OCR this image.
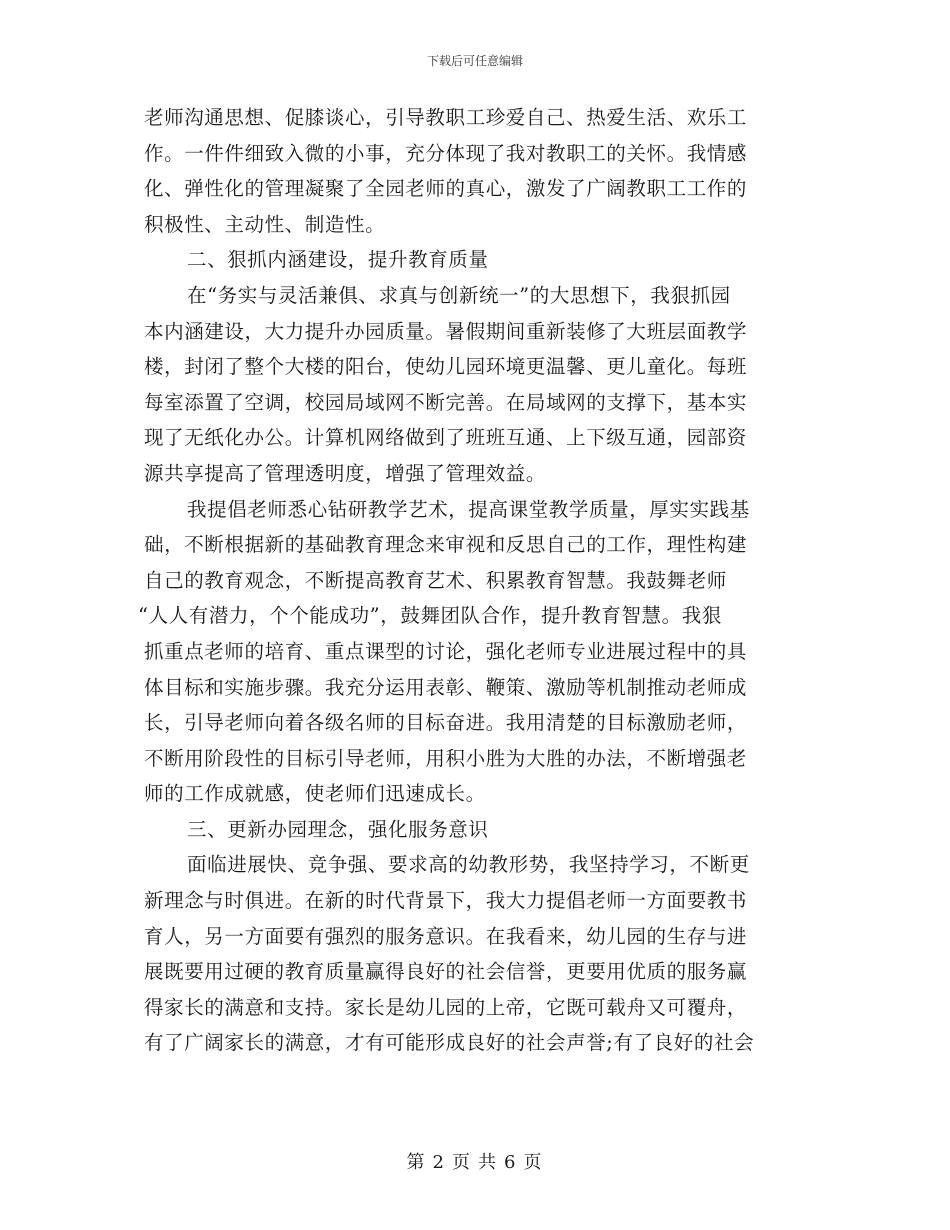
下载后可任意编辑
老师沟通思想、促膝谈心，引导教职工珍爱自己、热爱生活、欢乐工
作。一件件细致入微的小事，充分体现了我对教职工的关怀。我情感
化、弹性化的管理凝聚了全园老师的真心，激发了广阔教职工工作的
积极性、主动性、制造性。
二、狠抓内涵建设，提升教育质量
在“务实与灵活兼俱、求真与创新统一”的大思想下，我狠抓园
本内涵建设，大力提升办园质量。暑假期间重新装修了大班层面教学
楼，封闭了整个大楼的阳台，使幼儿园环境更温馨、更儿童化。每班
每室添置了空调，校园局域网不断完善。在局域网的支撑下，基本实
现了无纸化办公。计算机网络做到了班班互通、上下级互通，园部资
源共享提高了管理透明度，增强了管理效益。
我提倡老师悉心钻研教学艺术，提高课堂教学质量，厚实实践基
础，不断根据新的基础教育理念来审视和反思自己的工作，理性构建
自己的教育观念，不断提高教育艺术、积累教育智慧。我鼓舞老师
“人人有潜力，个个能成功”，鼓舞团队合作，提升教育智慧。我狠
抓重点老师的培育、重点课型的讨论，强化老师专业进展过程中的具
体目标和实施步骤。我充分运用表彰、鞭策、激励等机制推动老师成
长，引导老师向着各级名师的目标奋进。我用清楚的目标激励老师，
不断用阶段性的目标引导老师，用积小胜为大胜的办法，不断增强老
师的工作成就感，使老师们迅速成长。
三、更新办园理念，强化服务意识
面临进展快、竞争强、要求高的幼教形势，我坚持学习，不断更
新理念与时俱进。在新的时代背景下，我大力提倡老师一方面要教书
育人，另一方面要有强烈的服务意识。在我看来，幼儿园的生存与进
展既要用过硬的教育质量赢得良好的社会信誉，更要用优质的服务赢
得家长的满意和支持。家长是幼儿园的上帝，它既可载舟又可覆舟，
有了广阔家长的满意，才有可能形成良好的社会声誉;有了良好的社会
第 2 页 共 6 页
